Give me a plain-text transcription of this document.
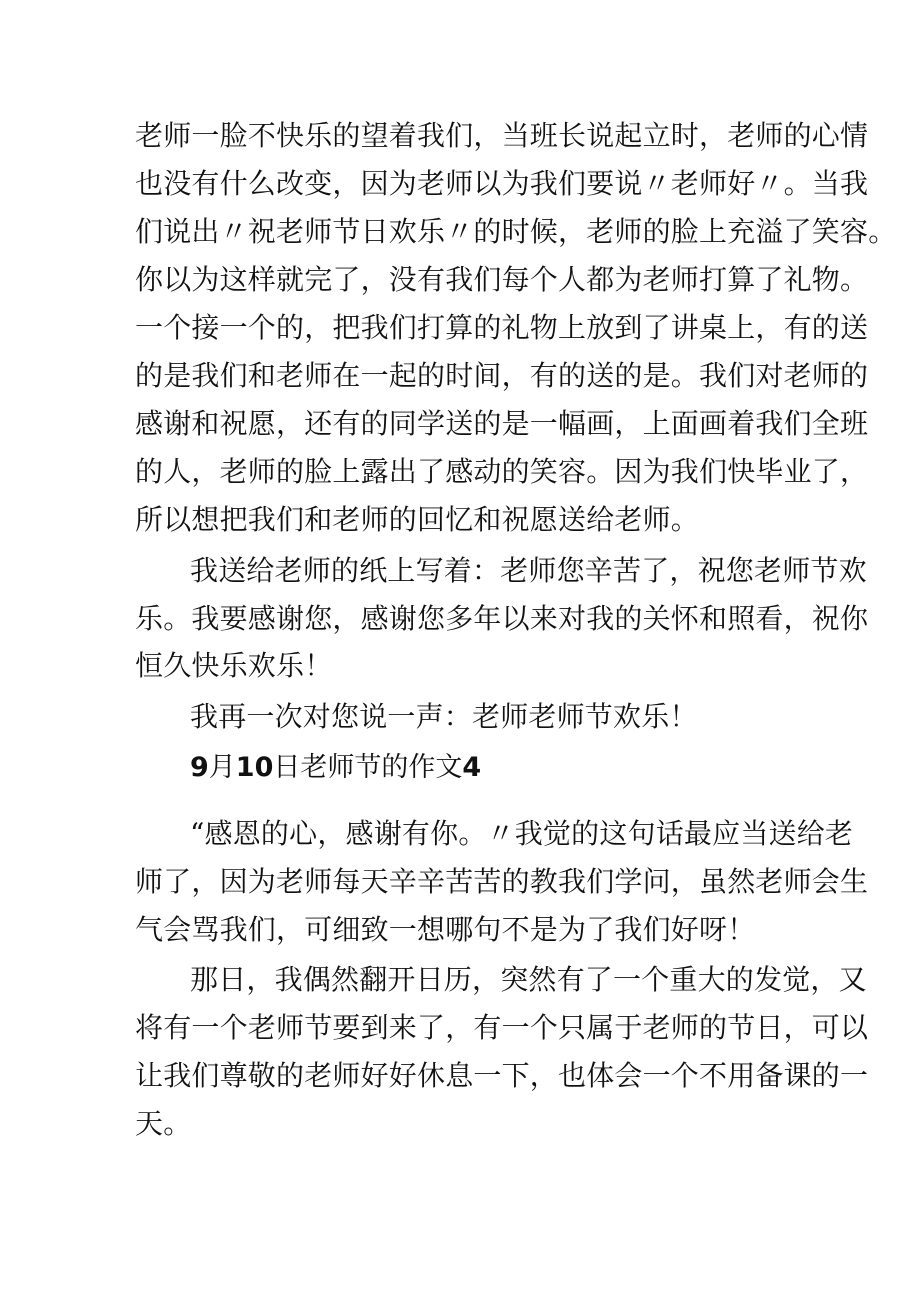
老师一脸不快乐的望着我们，当班长说起立时，老师的心情
也没有什么改变，因为老师以为我们要说〃老师好〃。当我
们说出〃祝老师节日欢乐〃的时候，老师的脸上充溢了笑容。
你以为这样就完了，没有我们每个人都为老师打算了礼物。
一个接一个的，把我们打算的礼物上放到了讲桌上，有的送
的是我们和老师在一起的时间，有的送的是。我们对老师的
感谢和祝愿，还有的同学送的是一幅画，上面画着我们全班
的人，老师的脸上露出了感动的笑容。因为我们快毕业了，
所以想把我们和老师的回忆和祝愿送给老师。
我送给老师的纸上写着：老师您辛苦了，祝您老师节欢
乐。我要感谢您，感谢您多年以来对我的关怀和照看，祝你
恒久快乐欢乐！
我再一次对您说一声：老师老师节欢乐！
9月10日老师节的作文4
“感恩的心，感谢有你。〃我觉的这句话最应当送给老
师了，因为老师每天辛辛苦苦的教我们学问，虽然老师会生
气会骂我们，可细致一想哪句不是为了我们好呀！
那日，我偶然翻开日历，突然有了一个重大的发觉，又
将有一个老师节要到来了，有一个只属于老师的节日，可以
让我们尊敬的老师好好休息一下，也体会一个不用备课的一
天。
